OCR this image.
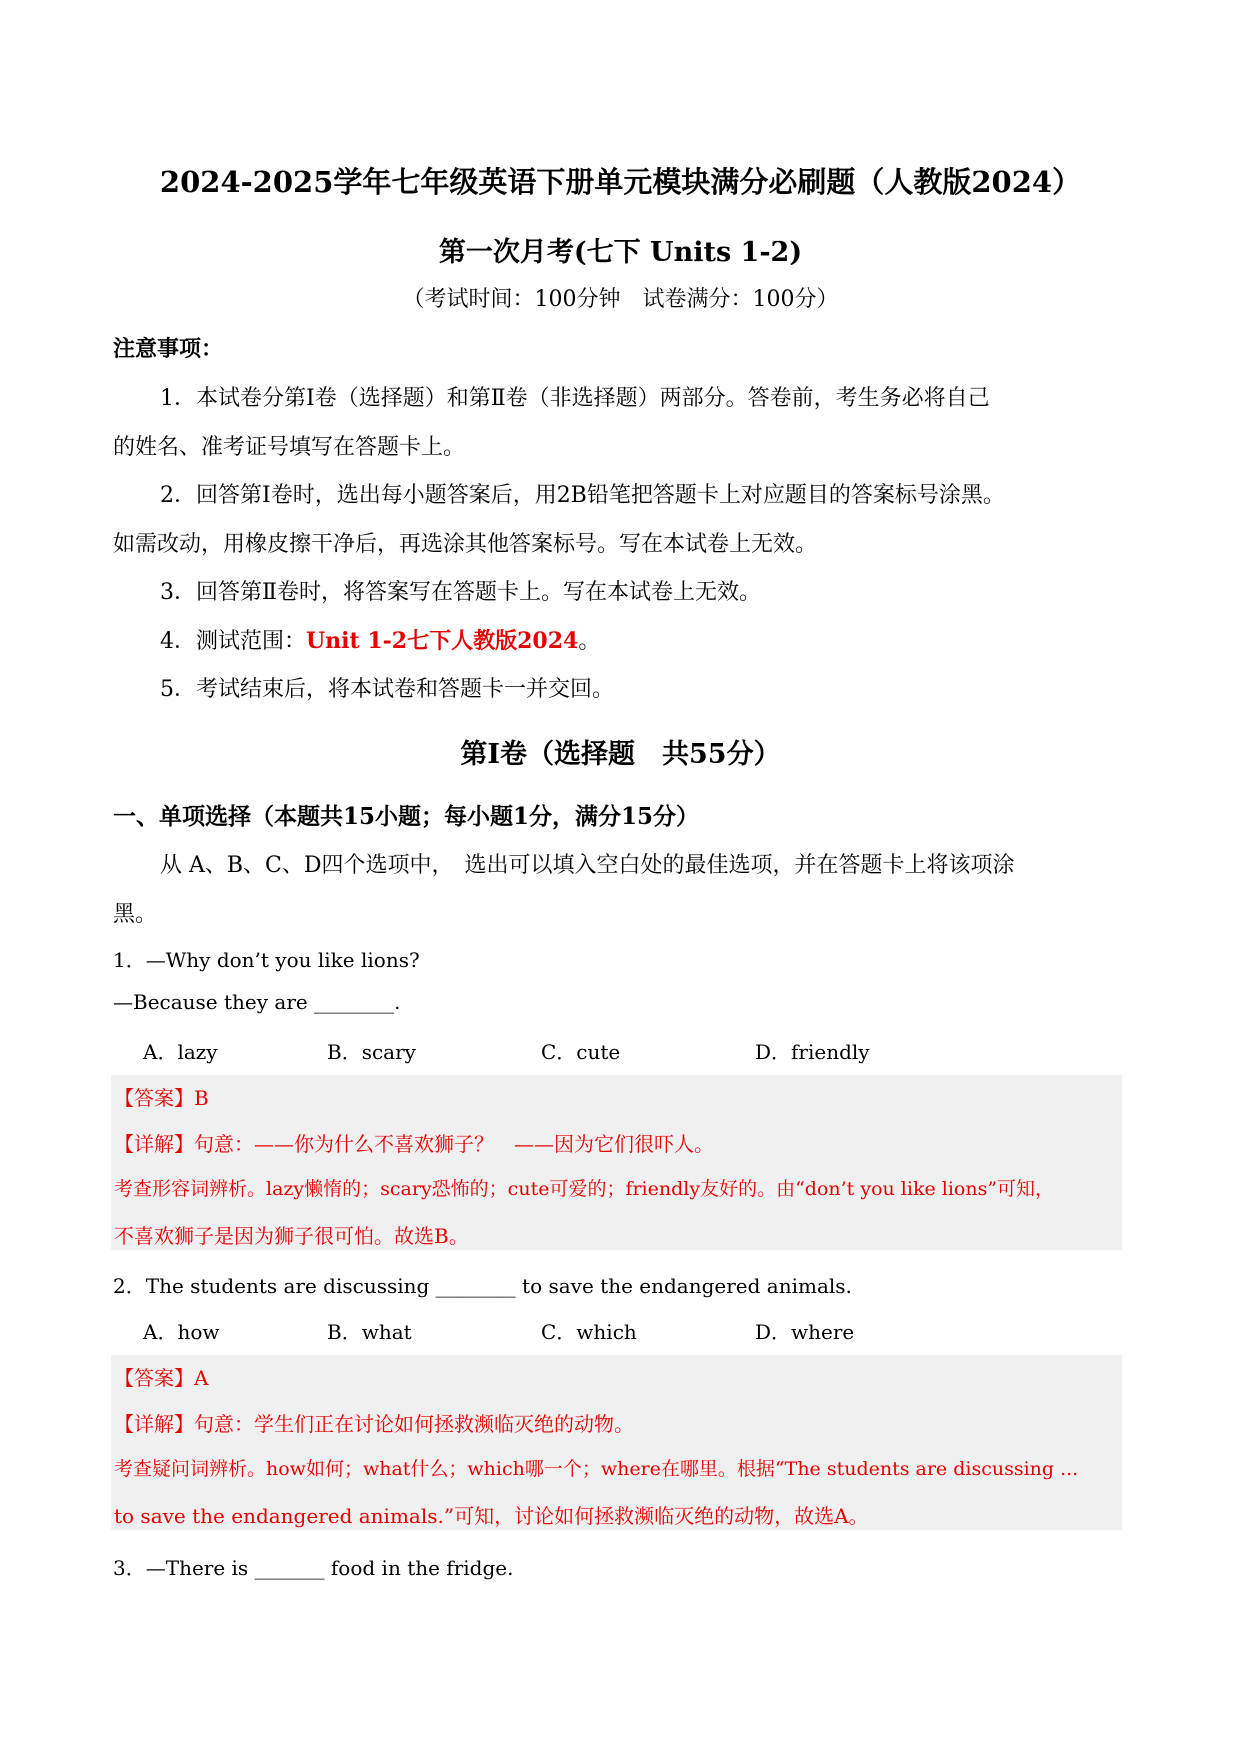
2024-2025学年七年级英语下册单元模块满分必刷题（人教版2024）
第一次月考(七下 Units 1-2)
（考试时间：100分钟　试卷满分：100分）
注意事项：
1．本试卷分第Ⅰ卷（选择题）和第Ⅱ卷（非选择题）两部分。答卷前，考生务必将自己
的姓名、准考证号填写在答题卡上。
2．回答第Ⅰ卷时，选出每小题答案后，用2B铅笔把答题卡上对应题目的答案标号涂黑。
如需改动，用橡皮擦干净后，再选涂其他答案标号。写在本试卷上无效。
3．回答第Ⅱ卷时，将答案写在答题卡上。写在本试卷上无效。
4．测试范围：Unit 1-2七下人教版2024。
5．考试结束后，将本试卷和答题卡一并交回。
第I卷（选择题　共55分）
一、单项选择（本题共15小题；每小题1分，满分15分）
从 A、B、C、D四个选项中，　选出可以填入空白处的最佳选项，并在答题卡上将该项涂
黑。
1．—Why don’t you like lions?
—Because they are ________.
A．lazy	B．scary	C．cute	D．friendly
【答案】B
【详解】句意：——你为什么不喜欢狮子？　——因为它们很吓人。
考查形容词辨析。lazy懒惰的；scary恐怖的；cute可爱的；friendly友好的。由“don’t you like lions”可知，
不喜欢狮子是因为狮子很可怕。故选B。
2．The students are discussing ________ to save the endangered animals.
A．how	B．what	C．which	D．where
【答案】A
【详解】句意：学生们正在讨论如何拯救濒临灭绝的动物。
考查疑问词辨析。how如何；what什么；which哪一个；where在哪里。根据“The students are discussing ...
to save the endangered animals.”可知，讨论如何拯救濒临灭绝的动物，故选A。
3．—There is _______ food in the fridge.
